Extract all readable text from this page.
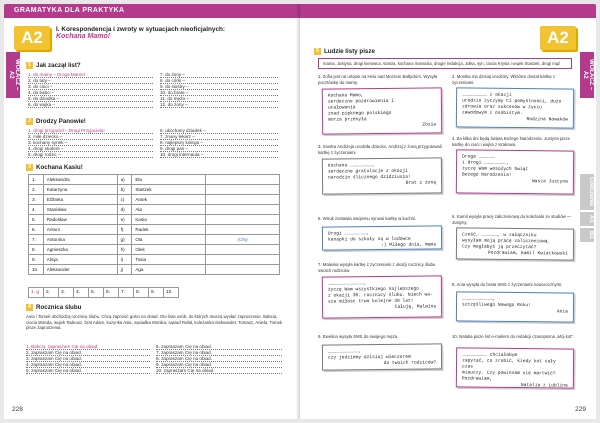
GRAMATYKA DLA PRAKTYKA
A2
WOŁACZ – A2
I. Korespondencja i zwroty w sytuacjach nieoficjalnych:
Kochana Mamo!
1 Jak zaczął list?
1. do mamy – Droga Mamo!
2. do taty –
3. do cioci –
4. do babci –
5. do dziadka –
6. do wujka –
7. do żony –
8. do córki –
9. do siostry –
10. do brata –
11. do męża –
12. do żony –
2 Drodzy Panowie!
1. drogi przyjaciel – Drogi Przyjacielu!
2. miłe dziecko –
3. kochany synek –
4. drogi student –
5. drogi rodzic –
6. ukochany dziadek –
7. znany lekarz –
8. najlepszy kolega –
9. drogi pan –
10. drogi internauta –
3 Kochana Kasiu!
1.	Aleksandra	a)	Ela	
2.	Katarzyna	b)	Staszek	
3.	Elżbieta	c)	Antek	
4.	Stanisław	d)	Ala	
5.	Radosław	e)	Kasia	
6.	Antoni	f)	Radek	
7.	Antonina	g)	Ola	(Ola)
8.	Agnieszka	h)	Olek	
9.	Alicja	i)	Tosia	
10.	Aleksander	j)	Aga	
1. g	2.	3.	4.	5.	6.	7.	8.	9.	10.
4 Rocznica ślubu
Ania i Tomek obchodzą rocznicę ślubu. Chcą zaprosić gości na obiad. Oto lista osób, do których muszą wysłać zaproszenie. Babcia, ciocia Wanda, wujek Tadeusz, brat Adam, kuzynka Asia, sąsiadka Monika, sąsiad Rafał, koleżanka Aleksander, Tomasz, Aniela. Tomek pisze zaproszenia.
1. Babciu, zapraszam Cię na obiad.
2. zapraszam Cię na obiad.
3. zapraszam Cię na obiad.
4. zapraszam Cię na obiad.
5. zapraszam Cię na obiad.
6. zapraszam Cię na obiad.
7. zapraszam Cię na obiad.
8. zapraszam Cię na obiad.
9. zapraszam Cię na obiad.
10. zapraszam Cię na obiad.
228
A2
WOŁACZ – A2
Ćwiczenia
A1
B1
5 Ludzie listy pisze
mama, Justyna, drogi kierowca, siostra, kochana mamusia, drogie redakcja, Jolka, syn, ciocia Krysia i wujek Staszek, drogi mąż
1. Zofia jest na urlopie na Helu nad Morzem Bałtyckim. Wysyła pocztówkę do mamy.
Kochana Mamo,
serdeczne pozdrowienia i
ucałowania
znad pięknego polskiego
morza przesyła
Zosia
2. Monika ma dzisiaj urodziny. Wkrótce dostał kartkę z życzeniami.
……………………… z okazji
urodzin życzymy Ci pomyślności, dużo
zdrowia oraz sukcesów w życiu
zawodowym i osobistym.
Rodzina Nowaków
3. Siostra Andrzeja urodziła dziecko. Andrzej z żoną przygotowali kartkę z życzeniami.
Kochana ……………………,
serdeczne gratulacje z okazji
narodzin ślicznego dzidziusia!
Brat z żoną
4. Za kilka dni będą święta Bożego Narodzenia. Justyna pisze kartkę do cioci i wujka z Krakowa.
Droga ………………
i drogi ……………………,
życzę Wam wesołych Świąt
Bożego Narodzenia!
Wasza Justyna
5. Wnuk zostawia swojemu synowi kartkę w kuchni.
Drogi ……………………,
kanapki do szkoły są w lodówce
:) Miłego dnia, mama
6. Kamil wysyła pracę zaliczeniową do koleżanki ze studiów — Justyny.
Cześć, ………………, w załączniku
wysyłam moją pracę zaliczeniową.
Czy mogłabyś ją przeczytać?
Pozdrawiam, Kamil Kwiatkowski
7. Malwina wysyła kartkę z życzeniami z okazji rocznicy ślubu swoich rodziców.
…………………………………,
życzę Wam wszystkiego najlepszego
z okazji 30. rocznicy ślubu. Niech wa-
sza miłość trwa kolejne 30 lat!
Całuję, Malwina
8. Ania wysyła do brata SMS z życzeniami noworocznymi.
……………………………,
szczęśliwego Nowego Roku!
Ania
9. Ewelina wysyła SMS do swojego męża.
……………………………,
czy jedziemy dzisiaj wieczorem
do twoich rodziców?
10. Natalia pisze list e-mailem do redakcji czasopisma „Mój kot”.
……………………… chciałabym
zapytać, co zrobić, kiedy kot cały czas
miauczy. Czy powinnam się martwić?
Pozdrawiam,
Natalia z Lublina
229
